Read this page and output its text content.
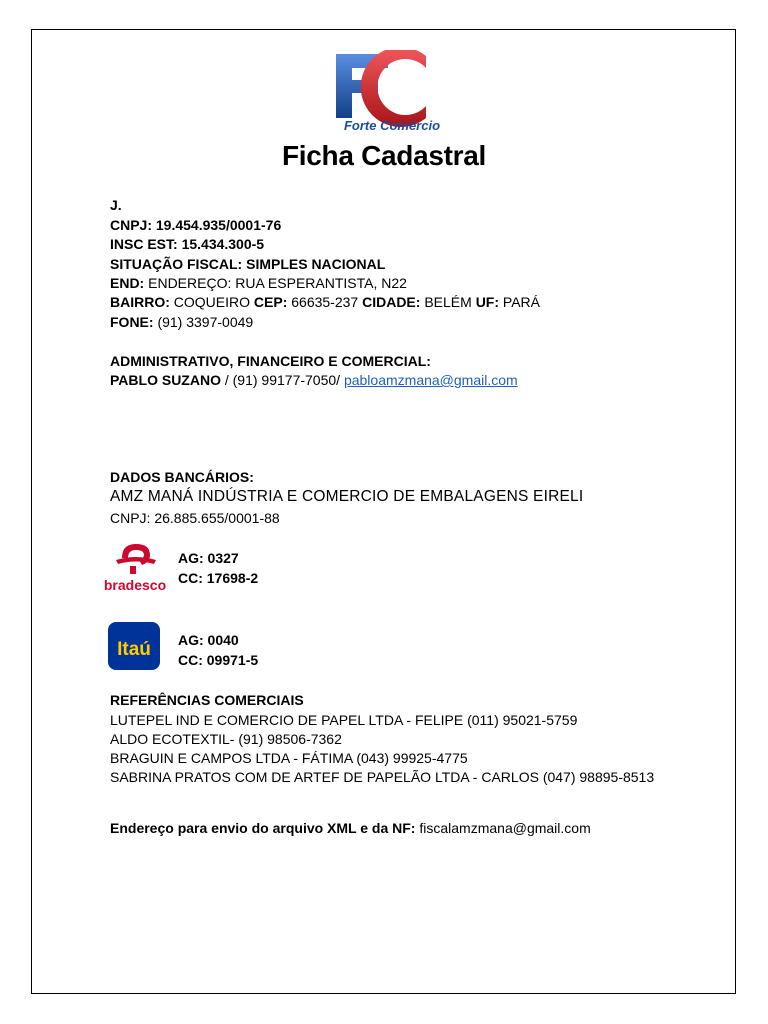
Forte Comércio
Ficha Cadastral
J.
CNPJ: 19.454.935/0001-76
INSC EST: 15.434.300-5
SITUAÇÃO FISCAL: SIMPLES NACIONAL
END: ENDEREÇO: RUA ESPERANTISTA, N22
BAIRRO: COQUEIRO CEP: 66635-237 CIDADE: BELÉM UF: PARÁ
FONE: (91) 3397-0049
ADMINISTRATIVO, FINANCEIRO E COMERCIAL:
PABLO SUZANO / (91) 99177-7050/ pabloamzmana@gmail.com
DADOS BANCÁRIOS:
AMZ MANÁ INDÚSTRIA E COMERCIO DE EMBALAGENS EIRELI
CNPJ: 26.885.655/0001-88
bradesco
AG: 0327
CC: 17698-2
Itaú AG: 0040
CC: 09971-5
REFERÊNCIAS COMERCIAIS
LUTEPEL IND E COMERCIO DE PAPEL LTDA - FELIPE (011) 95021-5759
ALDO ECOTEXTIL- (91) 98506-7362
BRAGUIN E CAMPOS LTDA - FÁTIMA (043) 99925-4775
SABRINA PRATOS COM DE ARTEF DE PAPELÃO LTDA - CARLOS (047) 98895-8513
Endereço para envio do arquivo XML e da NF: fiscalamzmana@gmail.com
